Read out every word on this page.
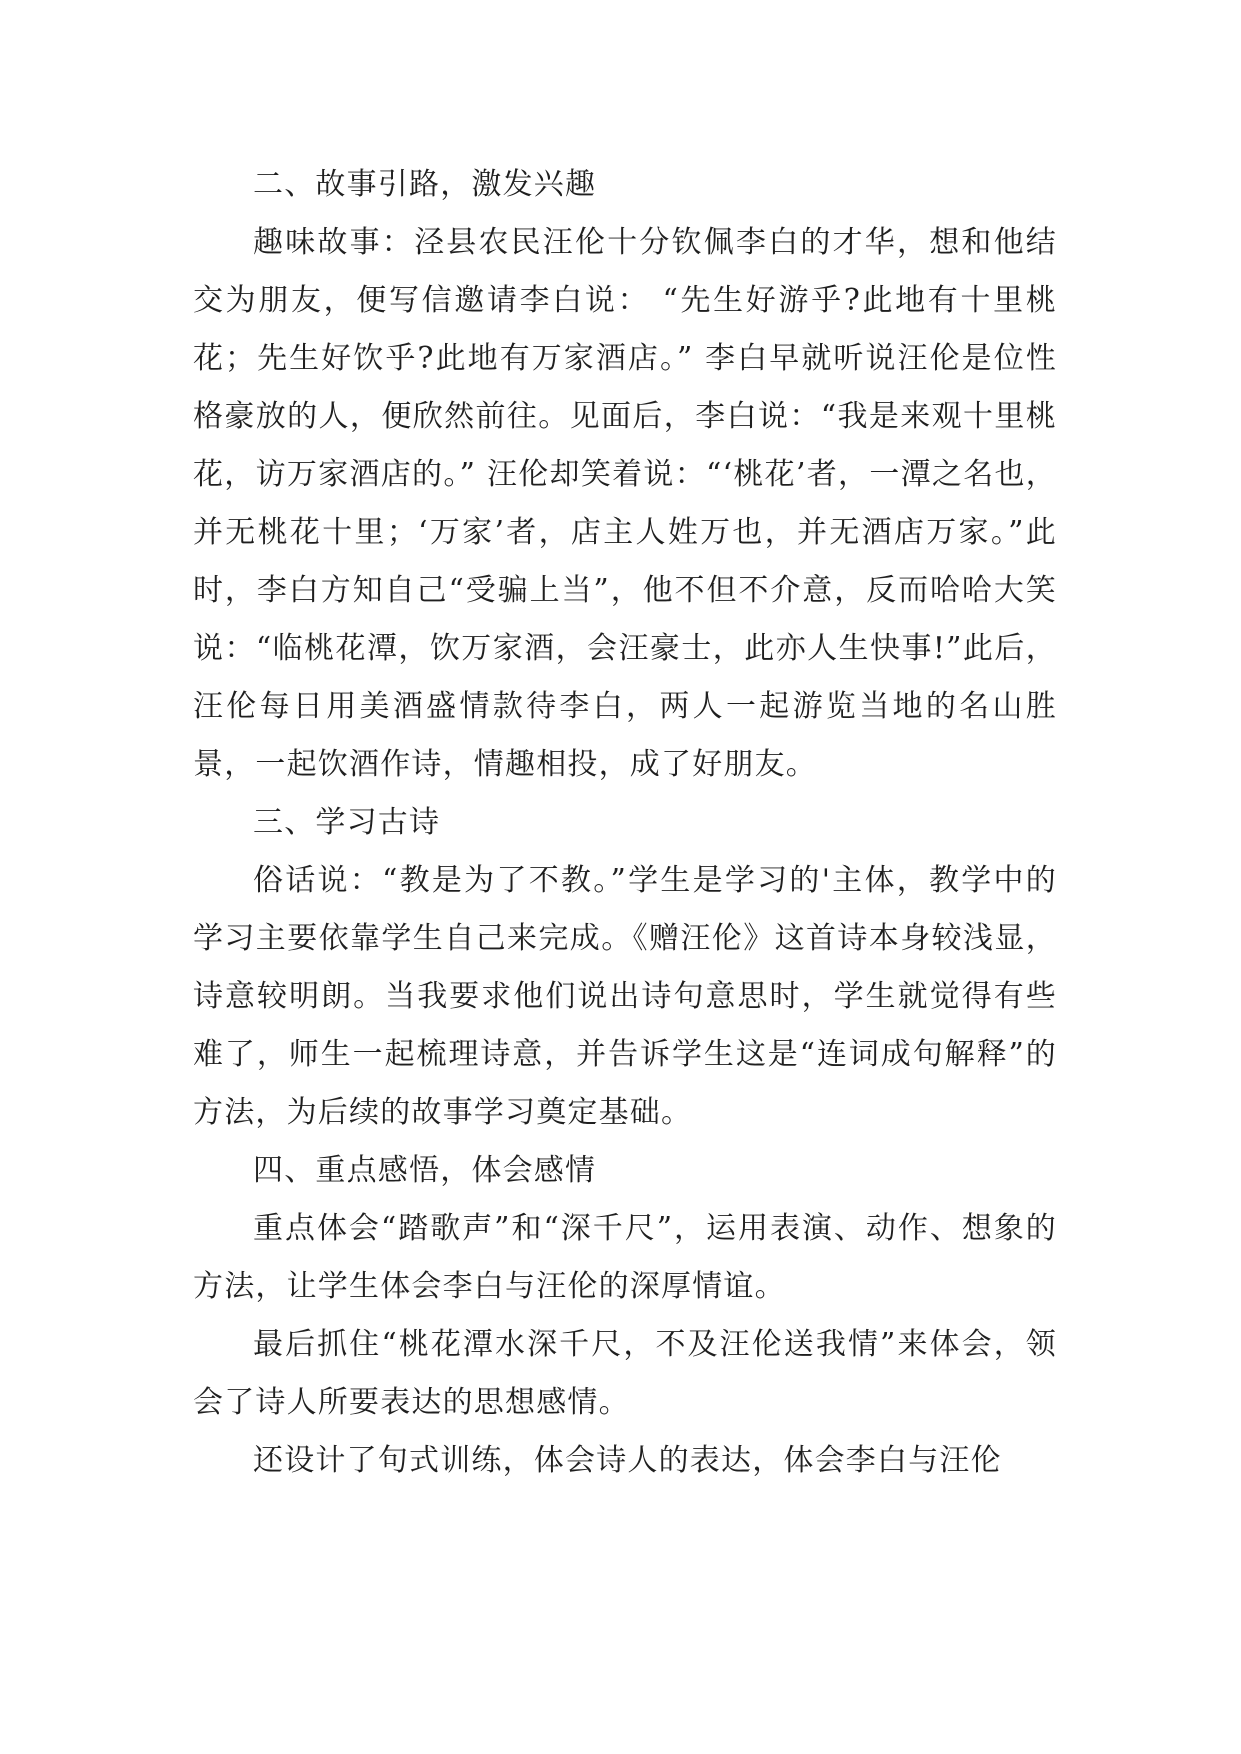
二、故事引路，激发兴趣

趣味故事：泾县农民汪伦十分钦佩李白的才华，想和他结交为朋友，便写信邀请李白说： “先生好游乎?此地有十里桃花；先生好饮乎?此地有万家酒店。” 李白早就听说汪伦是位性格豪放的人，便欣然前往。见面后，李白说：“我是来观十里桃花，访万家酒店的。” 汪伦却笑着说：“‘桃花’者，一潭之名也，并无桃花十里；‘万家’者，店主人姓万也，并无酒店万家。”此时，李白方知自己“受骗上当”，他不但不介意，反而哈哈大笑说：“临桃花潭，饮万家酒，会汪豪士，此亦人生快事!”此后，汪伦每日用美酒盛情款待李白，两人一起游览当地的名山胜景，一起饮酒作诗，情趣相投，成了好朋友。

三、学习古诗

俗话说：“教是为了不教。”学生是学习的'主体，教学中的学习主要依靠学生自己来完成。《赠汪伦》这首诗本身较浅显，诗意较明朗。当我要求他们说出诗句意思时，学生就觉得有些难了，师生一起梳理诗意，并告诉学生这是“连词成句解释”的方法，为后续的故事学习奠定基础。

四、重点感悟，体会感情

重点体会“踏歌声”和“深千尺”，运用表演、动作、想象的方法，让学生体会李白与汪伦的深厚情谊。

最后抓住“桃花潭水深千尺，不及汪伦送我情”来体会，领会了诗人所要表达的思想感情。

还设计了句式训练，体会诗人的表达，体会李白与汪伦
